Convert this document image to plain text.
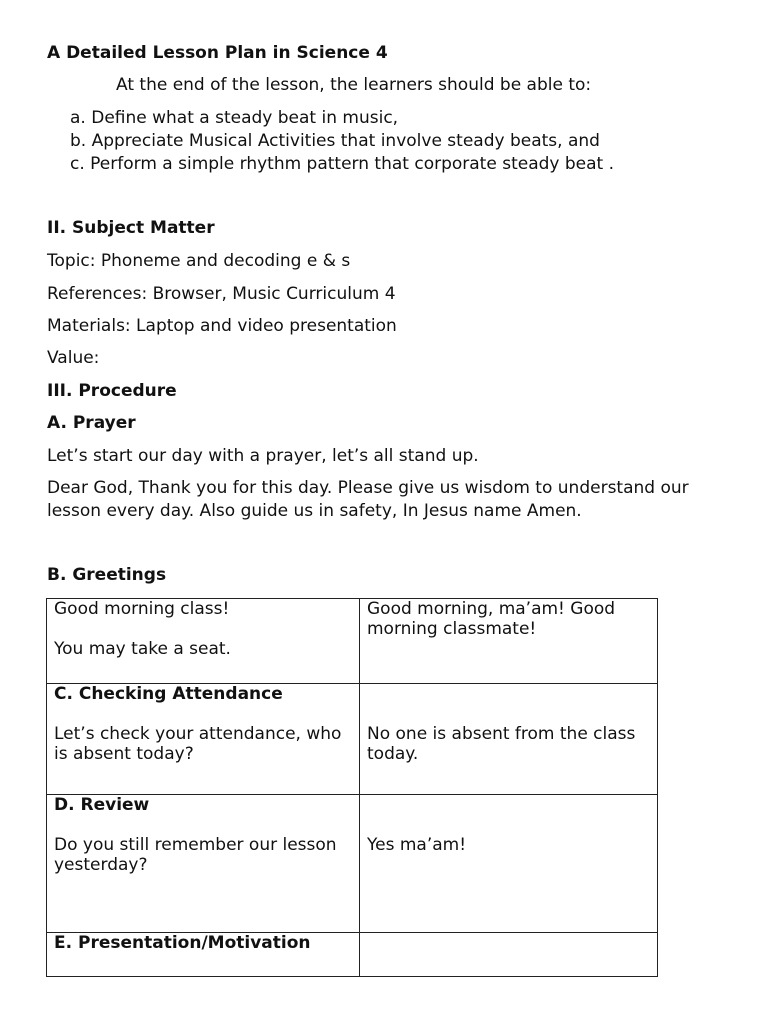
A Detailed Lesson Plan in Science 4
At the end of the lesson, the learners should be able to:
a. Define what a steady beat in music,
b. Appreciate Musical Activities that involve steady beats, and
c. Perform a simple rhythm pattern that corporate steady beat .
II. Subject Matter
Topic: Phoneme and decoding e & s
References: Browser, Music Curriculum 4
Materials: Laptop and video presentation
Value:
III. Procedure
A. Prayer
Let’s start our day with a prayer, let’s all stand up.
Dear God, Thank you for this day. Please give us wisdom to understand our lesson every day. Also guide us in safety, In Jesus name Amen.
B. Greetings
Good morning class!
You may take a seat.	Good morning, ma’am! Good morning classmate!

C. Checking Attendance
Let’s check your attendance, who is absent today?	No one is absent from the class today.

D. Review
Do you still remember our lesson yesterday?	Yes ma’am!

E. Presentation/Motivation	
